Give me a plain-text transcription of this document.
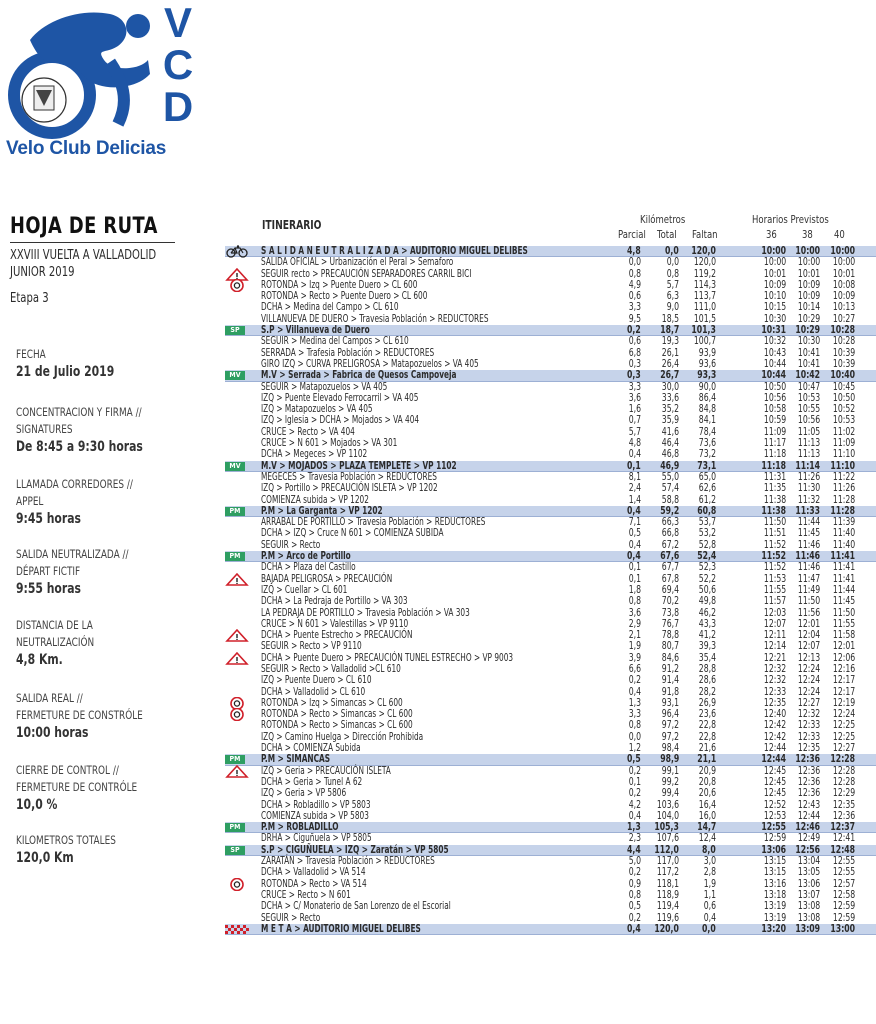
V
C
D
Velo Club Delicias
HOJA DE RUTA
XXVIII VUELTA A VALLADOLID
JUNIOR 2019
Etapa 3
FECHA
21 de Julio 2019
CONCENTRACION Y FIRMA //
SIGNATURES
De 8:45 a 9:30 horas
LLAMADA CORREDORES //
APPEL
9:45 horas
SALIDA NEUTRALIZADA //
DÉPART FICTIF
9:55 horas
DISTANCIA DE LA
NEUTRALIZACIÓN
4,8 Km.
SALIDA REAL //
FERMETURE DE CONSTRÓLE
10:00 horas
CIERRE DE CONTROL //
FERMETURE DE CONTRÓLE
10,0 %
KILOMETROS TOTALES
120,0 Km
ITINERARIO	Kilómetros	Horarios Previstos
Parcial Total Faltan	36 38 40
S A L I D A N E U T R A L I Z A D A > AUDITORIO MIGUEL DELIBES	4,8 0,0 120,0	10:00 10:00 10:00
SALIDA OFICIAL > Urbanización el Peral > Semaforo	0,0 0,0 120,0	10:00 10:00 10:00
SEGUIR recto > PRECAUCIÓN SEPARADORES CARRIL BICI	0,8 0,8 119,2	10:01 10:01 10:01
ROTONDA > Izq > Puente Duero > CL 600	4,9 5,7 114,3	10:09 10:09 10:08
ROTONDA > Recto > Puente Duero > CL 600	0,6 6,3 113,7	10:10 10:09 10:09
DCHA > Medina del Campo > CL 610	3,3 9,0 111,0	10:15 10:14 10:13
VILLANUEVA DE DUERO > Travesia Población > REDUCTORES	9,5 18,5 101,5	10:30 10:29 10:27
SP	S.P > Villanueva de Duero	0,2 18,7 101,3	10:31 10:29 10:28
SEGUIR > Medina del Campos > CL 610	0,6 19,3 100,7	10:32 10:30 10:28
SERRADA > Trafesia Población > REDUCTORES	6,8 26,1 93,9	10:43 10:41 10:39
GIRO IZQ > CURVA PRELIGROSA > Matapozuelos > VA 405	0,3 26,4 93,6	10:44 10:41 10:39
MV	M.V > Serrada > Fabrica de Quesos Campoveja	0,3 26,7 93,3	10:44 10:42 10:40
SEGUIR > Matapozuelos > VA 405	3,3 30,0 90,0	10:50 10:47 10:45
IZQ > Puente Elevado Ferrocarril > VA 405	3,6 33,6 86,4	10:56 10:53 10:50
IZQ > Matapozuelos > VA 405	1,6 35,2 84,8	10:58 10:55 10:52
IZQ > Iglesia > DCHA > Mojados > VA 404	0,7 35,9 84,1	10:59 10:56 10:53
CRUCE > Recto > VA 404	5,7 41,6 78,4	11:09 11:05 11:02
CRUCE > N 601 > Mojados > VA 301	4,8 46,4 73,6	11:17 11:13 11:09
DCHA > Megeces > VP 1102	0,4 46,8 73,2	11:18 11:13 11:10
MV	M.V > MOJADOS > PLAZA TEMPLETE > VP 1102	0,1 46,9 73,1	11:18 11:14 11:10
MEGECES > Travesia Población > REDUCTORES	8,1 55,0 65,0	11:31 11:26 11:22
IZQ > Portillo > PRECAUCIÓN ISLETA > VP 1202	2,4 57,4 62,6	11:35 11:30 11:26
COMIENZA subida > VP 1202	1,4 58,8 61,2	11:38 11:32 11:28
PM	P.M > La Garganta > VP 1202	0,4 59,2 60,8	11:38 11:33 11:28
ARRABAL DE PORTILLO > Travesia Población > REDUCTORES	7,1 66,3 53,7	11:50 11:44 11:39
DCHA > IZQ > Cruce N 601 > COMIENZA SUBIDA	0,5 66,8 53,2	11:51 11:45 11:40
SEGUIR > Recto	0,4 67,2 52,8	11:52 11:46 11:40
PM	P.M > Arco de Portillo	0,4 67,6 52,4	11:52 11:46 11:41
DCHA > Plaza del Castillo	0,1 67,7 52,3	11:52 11:46 11:41
BAJADA PELIGROSA > PRECAUCIÓN	0,1 67,8 52,2	11:53 11:47 11:41
IZQ > Cuellar > CL 601	1,8 69,4 50,6	11:55 11:49 11:44
DCHA > La Pedraja de Portillo > VA 303	0,8 70,2 49,8	11:57 11:50 11:45
LA PEDRAJA DE PORTILLO > Travesia Población > VA 303	3,6 73,8 46,2	12:03 11:56 11:50
CRUCE > N 601 > Valestillas > VP 9110	2,9 76,7 43,3	12:07 12:01 11:55
DCHA > Puente Estrecho > PRECAUCIÓN	2,1 78,8 41,2	12:11 12:04 11:58
SEGUIR > Recto > VP 9110	1,9 80,7 39,3	12:14 12:07 12:01
DCHA > Puente Duero > PRECAUCIÓN TUNEL ESTRECHO > VP 9003	3,9 84,6 35,4	12:21 12:13 12:06
SEGUIR > Recto > Valladolid >CL 610	6,6 91,2 28,8	12:32 12:24 12:16
IZQ > Puente Duero > CL 610	0,2 91,4 28,6	12:32 12:24 12:17
DCHA > Valladolid > CL 610	0,4 91,8 28,2	12:33 12:24 12:17
ROTONDA > Izq > Simancas > CL 600	1,3 93,1 26,9	12:35 12:27 12:19
ROTONDA > Recto > Simancas > CL 600	3,3 96,4 23,6	12:40 12:32 12:24
ROTONDA > Recto > Simancas > CL 600	0,8 97,2 22,8	12:42 12:33 12:25
IZQ > Camino Huelga > Dirección Prohibida	0,0 97,2 22,8	12:42 12:33 12:25
DCHA > COMIENZA Subida	1,2 98,4 21,6	12:44 12:35 12:27
PM	P.M > SIMANCAS	0,5 98,9 21,1	12:44 12:36 12:28
IZQ > Geria > PRECAUCIÓN ISLETA	0,2 99,1 20,9	12:45 12:36 12:28
DCHA > Geria > Tunel A 62	0,1 99,2 20,8	12:45 12:36 12:28
IZQ > Geria > VP 5806	0,2 99,4 20,6	12:45 12:36 12:29
DCHA > Robladillo > VP 5803	4,2 103,6 16,4	12:52 12:43 12:35
COMIENZA subida > VP 5803	0,4 104,0 16,0	12:53 12:44 12:36
PM	P.M > ROBLADILLO	1,3 105,3 14,7	12:55 12:46 12:37
DRHA > Ciguñuela > VP 5805	2,3 107,6 12,4	12:59 12:49 12:41
SP	S.P > CIGUÑUELA > IZQ > Zaratán > VP 5805	4,4 112,0 8,0	13:06 12:56 12:48
ZARATÁN > Travesia Población > REDUCTORES	5,0 117,0 3,0	13:15 13:04 12:55
DCHA > Valladolid > VA 514	0,2 117,2 2,8	13:15 13:05 12:55
ROTONDA > Recto > VA 514	0,9 118,1 1,9	13:16 13:06 12:57
CRUCE > Recto > N 601	0,8 118,9 1,1	13:18 13:07 12:58
DCHA > C/ Monaterio de San Lorenzo de el Escorial	0,5 119,4 0,6	13:19 13:08 12:59
SEGUIR > Recto	0,2 119,6 0,4	13:19 13:08 12:59
M E T A > AUDITORIO MIGUEL DELIBES	0,4 120,0 0,0	13:20 13:09 13:00
